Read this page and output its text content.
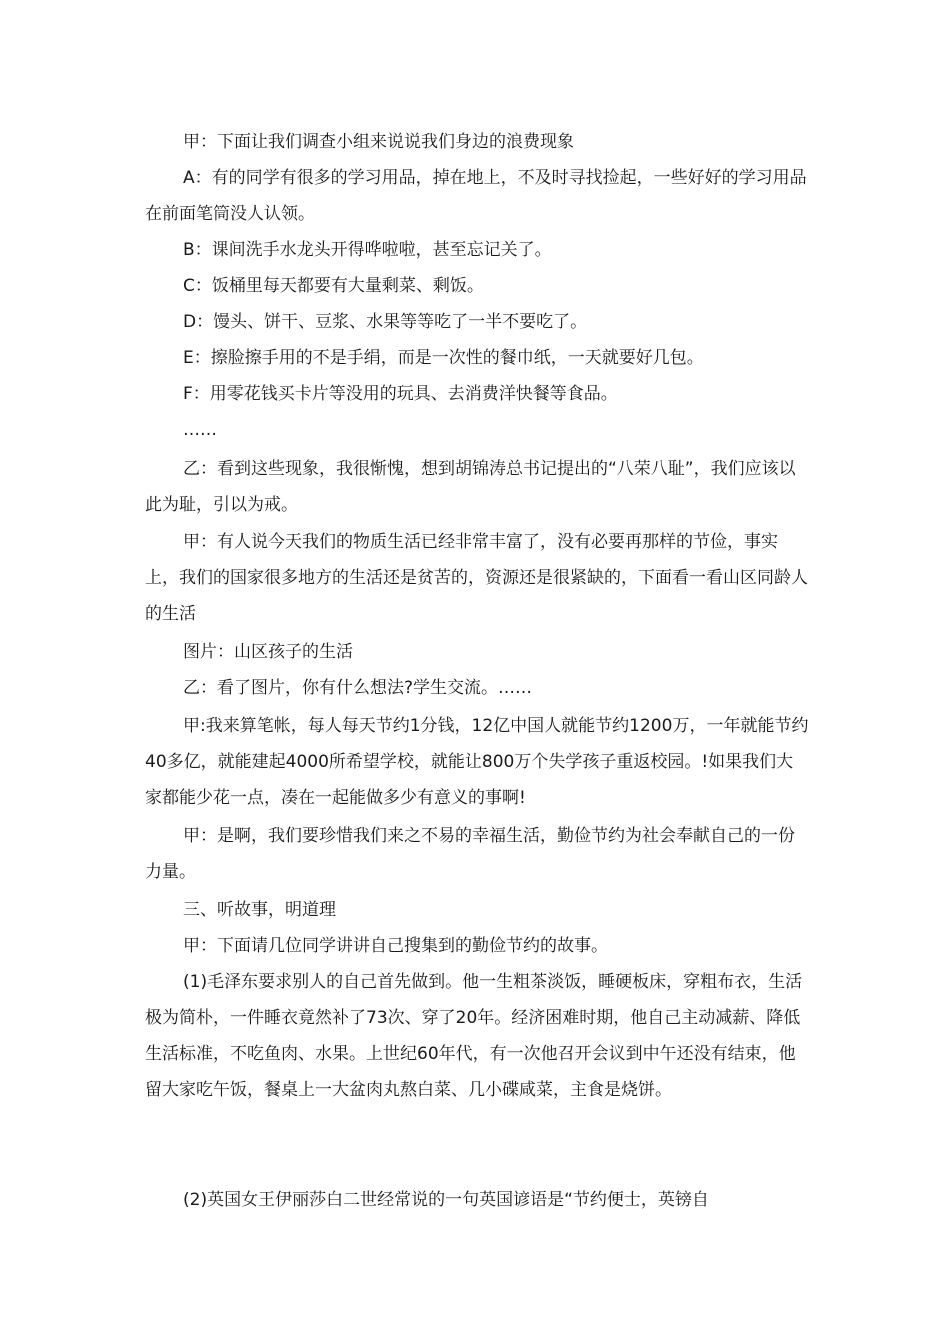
甲：下面让我们调查小组来说说我们身边的浪费现象

A：有的同学有很多的学习用品，掉在地上，不及时寻找捡起，一些好好的学习用品在前面笔筒没人认领。

B：课间洗手水龙头开得哗啦啦，甚至忘记关了。

C：饭桶里每天都要有大量剩菜、剩饭。

D：馒头、饼干、豆浆、水果等等吃了一半不要吃了。

E：擦脸擦手用的不是手绢，而是一次性的餐巾纸，一天就要好几包。

F：用零花钱买卡片等没用的玩具、去消费洋快餐等食品。

……

乙：看到这些现象，我很惭愧，想到胡锦涛总书记提出的“八荣八耻”，我们应该以此为耻，引以为戒。

甲：有人说今天我们的物质生活已经非常丰富了，没有必要再那样的节俭，事实上，我们的国家很多地方的生活还是贫苦的，资源还是很紧缺的，下面看一看山区同龄人的生活

图片：山区孩子的生活

乙：看了图片，你有什么想法?学生交流。……

甲:我来算笔帐，每人每天节约1分钱，12亿中国人就能节约1200万，一年就能节约40多亿，就能建起4000所希望学校，就能让800万个失学孩子重返校园。!如果我们大家都能少花一点，凑在一起能做多少有意义的事啊!

甲：是啊，我们要珍惜我们来之不易的幸福生活，勤俭节约为社会奉献自己的一份力量。

三、听故事，明道理

甲：下面请几位同学讲讲自己搜集到的勤俭节约的故事。

(1)毛泽东要求别人的自己首先做到。他一生粗茶淡饭，睡硬板床，穿粗布衣，生活极为简朴，一件睡衣竟然补了73次、穿了20年。经济困难时期，他自己主动减薪、降低生活标准，不吃鱼肉、水果。上世纪60年代，有一次他召开会议到中午还没有结束，他留大家吃午饭，餐桌上一大盆肉丸熬白菜、几小碟咸菜，主食是烧饼。

(2)英国女王伊丽莎白二世经常说的一句英国谚语是“节约便士，英镑自
